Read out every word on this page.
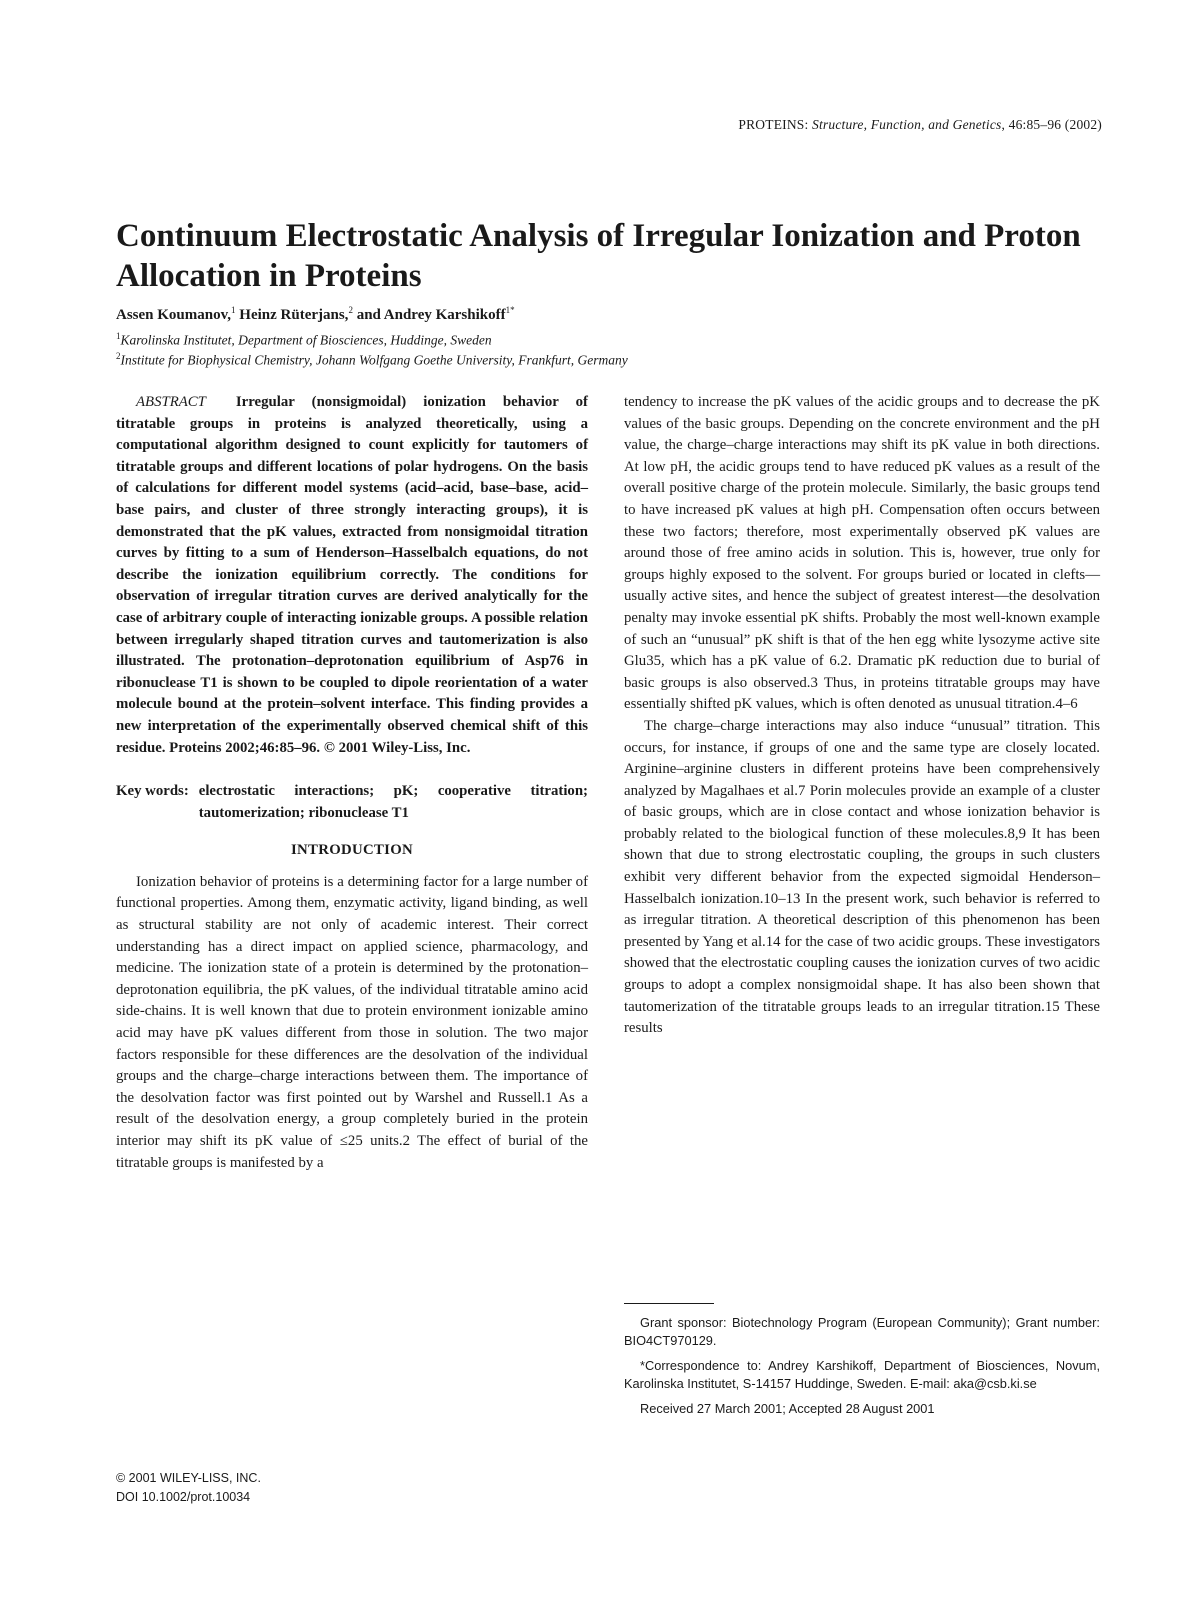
PROTEINS: Structure, Function, and Genetics, 46:85–96 (2002)
Continuum Electrostatic Analysis of Irregular Ionization and Proton Allocation in Proteins
Assen Koumanov,$^1$ Heinz Rüterjans,$^2$ and Andrey Karshikoff$^{1*}$
$^1$Karolinska Institutet, Department of Biosciences, Huddinge, Sweden
$^2$Institute for Biophysical Chemistry, Johann Wolfgang Goethe University, Frankfurt, Germany

ABSTRACT Irregular (nonsigmoidal) ionization behavior of titratable groups in proteins is analyzed theoretically, using a computational algorithm designed to count explicitly for tautomers of titratable groups and different locations of polar hydrogens. On the basis of calculations for different model systems (acid–acid, base–base, acid–base pairs, and cluster of three strongly interacting groups), it is demonstrated that the pK values, extracted from nonsigmoidal titration curves by fitting to a sum of Henderson–Hasselbalch equations, do not describe the ionization equilibrium correctly. The conditions for observation of irregular titration curves are derived analytically for the case of arbitrary couple of interacting ionizable groups. A possible relation between irregularly shaped titration curves and tautomerization is also illustrated. The protonation–deprotonation equilibrium of Asp76 in ribonuclease T1 is shown to be coupled to dipole reorientation of a water molecule bound at the protein–solvent interface. This finding provides a new interpretation of the experimentally observed chemical shift of this residue. Proteins 2002;46:85–96. © 2001 Wiley-Liss, Inc.

Key words: electrostatic interactions; pK; cooperative titration; tautomerization; ribonuclease T1
INTRODUCTION

Ionization behavior of proteins is a determining factor for a large number of functional properties. Among them, enzymatic activity, ligand binding, as well as structural stability are not only of academic interest. Their correct understanding has a direct impact on applied science, pharmacology, and medicine. The ionization state of a protein is determined by the protonation–deprotonation equilibria, the pK values, of the individual titratable amino acid side-chains. It is well known that due to protein environment ionizable amino acid may have pK values different from those in solution. The two major factors responsible for these differences are the desolvation of the individual groups and the charge–charge interactions between them. The importance of the desolvation factor was first pointed out by Warshel and Russell.1 As a result of the desolvation energy, a group completely buried in the protein interior may shift its pK value of ≤25 units.2 The effect of burial of the titratable groups is manifested by a

tendency to increase the pK values of the acidic groups and to decrease the pK values of the basic groups. Depending on the concrete environment and the pH value, the charge–charge interactions may shift its pK value in both directions. At low pH, the acidic groups tend to have reduced pK values as a result of the overall positive charge of the protein molecule. Similarly, the basic groups tend to have increased pK values at high pH. Compensation often occurs between these two factors; therefore, most experimentally observed pK values are around those of free amino acids in solution. This is, however, true only for groups highly exposed to the solvent. For groups buried or located in clefts—usually active sites, and hence the subject of greatest interest—the desolvation penalty may invoke essential pK shifts. Probably the most well-known example of such an “unusual” pK shift is that of the hen egg white lysozyme active site Glu35, which has a pK value of 6.2. Dramatic pK reduction due to burial of basic groups is also observed.3 Thus, in proteins titratable groups may have essentially shifted pK values, which is often denoted as unusual titration.4–6

The charge–charge interactions may also induce “unusual” titration. This occurs, for instance, if groups of one and the same type are closely located. Arginine–arginine clusters in different proteins have been comprehensively analyzed by Magalhaes et al.7 Porin molecules provide an example of a cluster of basic groups, which are in close contact and whose ionization behavior is probably related to the biological function of these molecules.8,9 It has been shown that due to strong electrostatic coupling, the groups in such clusters exhibit very different behavior from the expected sigmoidal Henderson–Hasselbalch ionization.10–13 In the present work, such behavior is referred to as irregular titration. A theoretical description of this phenomenon has been presented by Yang et al.14 for the case of two acidic groups. These investigators showed that the electrostatic coupling causes the ionization curves of two acidic groups to adopt a complex nonsigmoidal shape. It has also been shown that tautomerization of the titratable groups leads to an irregular titration.15 These results

Grant sponsor: Biotechnology Program (European Community); Grant number: BIO4CT970129.

*Correspondence to: Andrey Karshikoff, Department of Biosciences, Novum, Karolinska Institutet, S-14157 Huddinge, Sweden. E-mail: aka@csb.ki.se

Received 27 March 2001; Accepted 28 August 2001

© 2001 WILEY-LISS, INC.
DOI 10.1002/prot.10034
